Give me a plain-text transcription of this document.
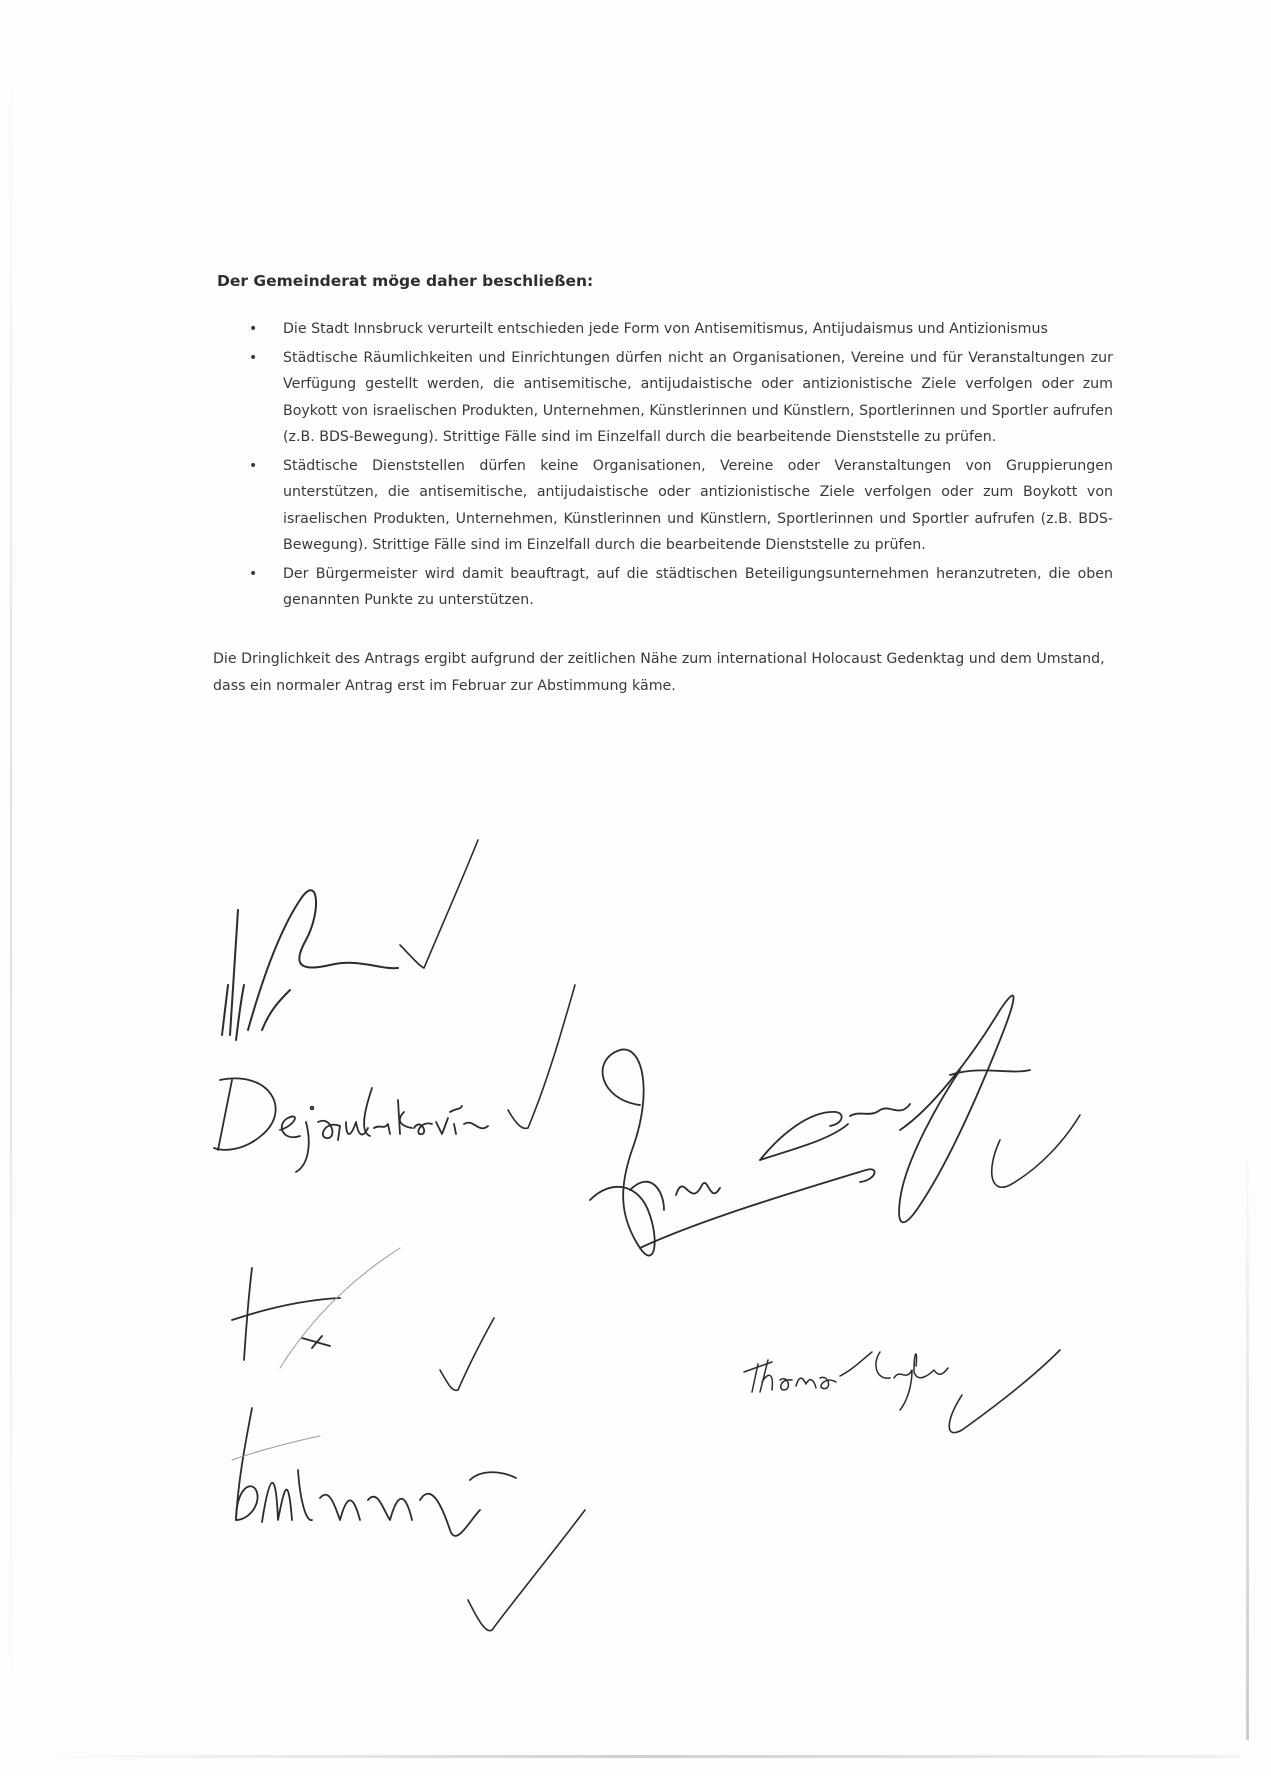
Der Gemeinderat möge daher beschließen:
• Die Stadt Innsbruck verurteilt entschieden jede Form von Antisemitismus, Antijudaismus und Antizionismus
• Städtische Räumlichkeiten und Einrichtungen dürfen nicht an Organisationen, Vereine und für Veranstaltungen zur Verfügung gestellt werden, die antisemitische, antijudaistische oder antizionistische Ziele verfolgen oder zum Boykott von israelischen Produkten, Unternehmen, Künstlerinnen und Künstlern, Sportlerinnen und Sportler aufrufen (z.B. BDS-Bewegung). Strittige Fälle sind im Einzelfall durch die bearbeitende Dienststelle zu prüfen.
• Städtische Dienststellen dürfen keine Organisationen, Vereine oder Veranstaltungen von Gruppierungen unterstützen, die antisemitische, antijudaistische oder antizionistische Ziele verfolgen oder zum Boykott von israelischen Produkten, Unternehmen, Künstlerinnen und Künstlern, Sportlerinnen und Sportler aufrufen (z.B. BDS-Bewegung). Strittige Fälle sind im Einzelfall durch die bearbeitende Dienststelle zu prüfen.
• Der Bürgermeister wird damit beauftragt, auf die städtischen Beteiligungsunternehmen heranzutreten, die oben genannten Punkte zu unterstützen.
Die Dringlichkeit des Antrags ergibt aufgrund der zeitlichen Nähe zum international Holocaust Gedenktag und dem Umstand, dass ein normaler Antrag erst im Februar zur Abstimmung käme.
